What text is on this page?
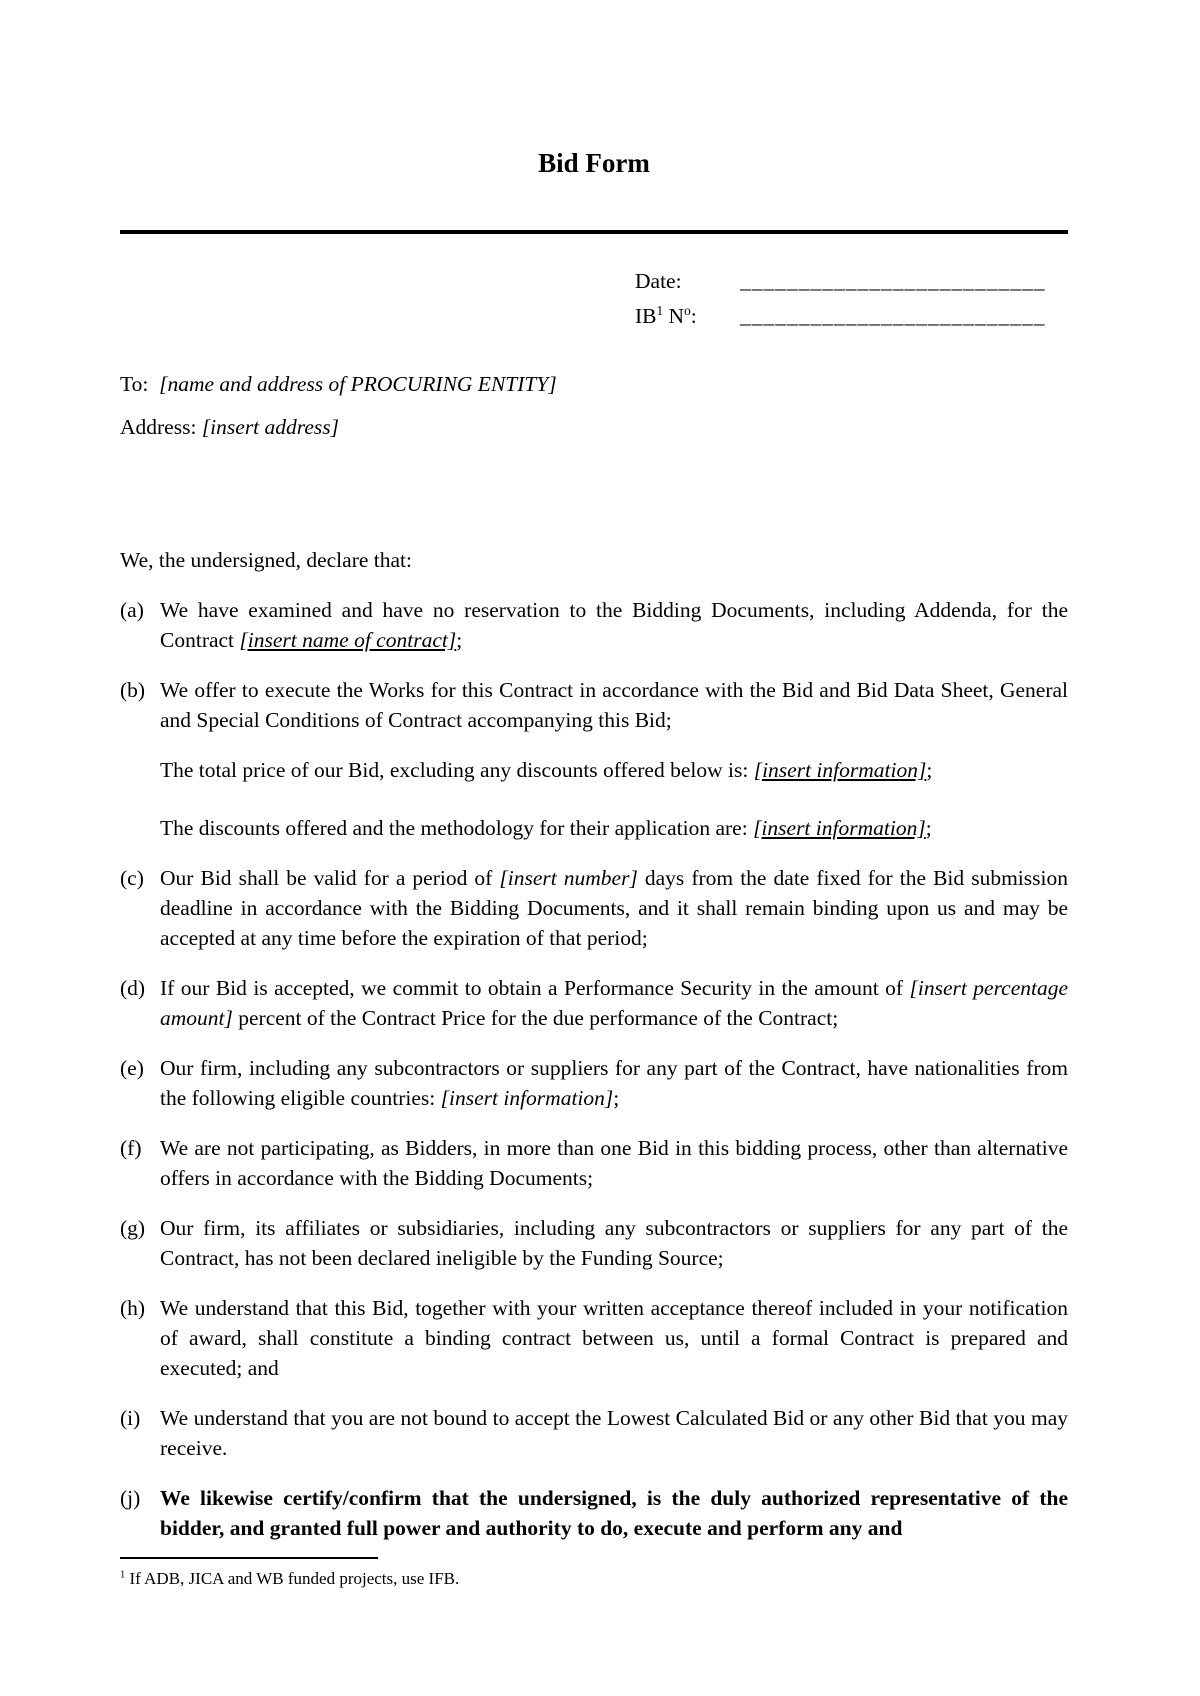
Bid Form
Date:	__________________________
IB$^1$ $N^o$:	__________________________

To:  [name and address of PROCURING ENTITY]

Address: [insert address]

We, the undersigned, declare that:

(a) We have examined and have no reservation to the Bidding Documents, including Addenda, for the Contract [insert name of contract];
(b) We offer to execute the Works for this Contract in accordance with the Bid and Bid Data Sheet, General and Special Conditions of Contract accompanying this Bid;

The total price of our Bid, excluding any discounts offered below is: [insert information];

The discounts offered and the methodology for their application are: [insert information];

(c) Our Bid shall be valid for a period of [insert number] days from the date fixed for the Bid submission deadline in accordance with the Bidding Documents, and it shall remain binding upon us and may be accepted at any time before the expiration of that period;
(d) If our Bid is accepted, we commit to obtain a Performance Security in the amount of [insert percentage amount] percent of the Contract Price for the due performance of the Contract;
(e) Our firm, including any subcontractors or suppliers for any part of the Contract, have nationalities from the following eligible countries: [insert information];
(f) We are not participating, as Bidders, in more than one Bid in this bidding process, other than alternative offers in accordance with the Bidding Documents;
(g) Our firm, its affiliates or subsidiaries, including any subcontractors or suppliers for any part of the Contract, has not been declared ineligible by the Funding Source;
(h) We understand that this Bid, together with your written acceptance thereof included in your notification of award, shall constitute a binding contract between us, until a formal Contract is prepared and executed; and
(i) We understand that you are not bound to accept the Lowest Calculated Bid or any other Bid that you may receive.
(j) We likewise certify/confirm that the undersigned, is the duly authorized representative of the bidder, and granted full power and authority to do, execute and perform any and

$^1$ If ADB, JICA and WB funded projects, use IFB.
